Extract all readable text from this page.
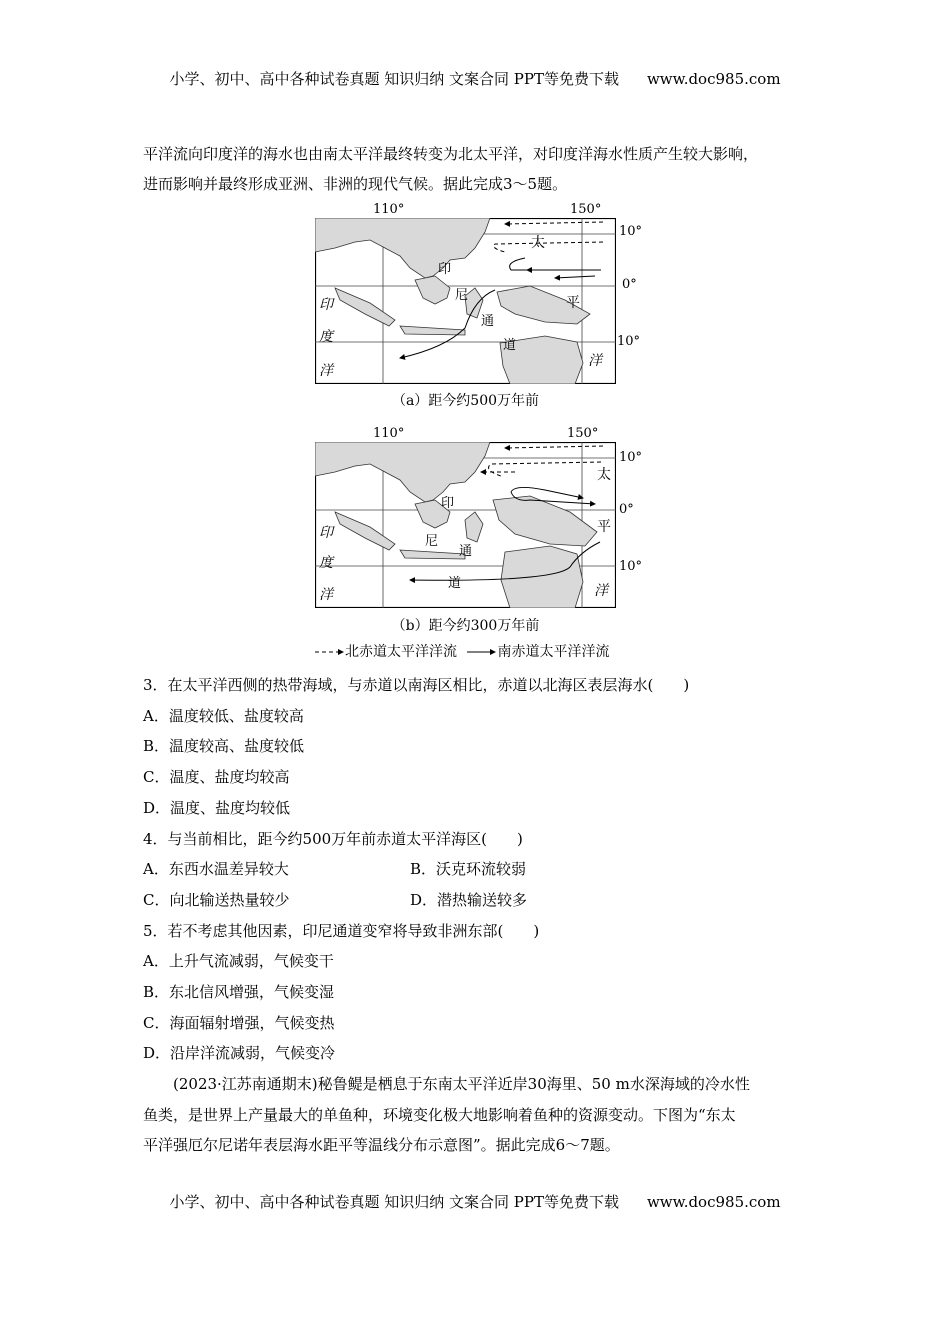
小学、初中、高中各种试卷真题 知识归纳 文案合同 PPT等免费下载 www.doc985.com
平洋流向印度洋的海水也由南太平洋最终转变为北太平洋，对印度洋海水性质产生较大影响，
进而影响并最终形成亚洲、非洲的现代气候。据此完成3～5题。
110°	150°
太
平
洋
印
尼
通
道
印
度
洋
10°
0°
10°
（a）距今约500万年前
110°	150°
太
平
洋
印
尼
通
道
印
度
洋
10°
0°
10°
（b）距今约300万年前
北赤道太平洋洋流	南赤道太平洋洋流
3．在太平洋西侧的热带海域，与赤道以南海区相比，赤道以北海区表层海水(　　)
A．温度较低、盐度较高
B．温度较高、盐度较低
C．温度、盐度均较高
D．温度、盐度均较低
4．与当前相比，距今约500万年前赤道太平洋海区(　　)
A．东西水温差异较大	B．沃克环流较弱
C．向北输送热量较少	D．潜热输送较多
5．若不考虑其他因素，印尼通道变窄将导致非洲东部(　　)
A．上升气流减弱，气候变干
B．东北信风增强，气候变湿
C．海面辐射增强，气候变热
D．沿岸洋流减弱，气候变冷
(2023·江苏南通期末)秘鲁鳀是栖息于东南太平洋近岸30海里、50 m水深海域的冷水性
鱼类，是世界上产量最大的单鱼种，环境变化极大地影响着鱼种的资源变动。下图为“东太
平洋强厄尔尼诺年表层海水距平等温线分布示意图”。据此完成6～7题。
小学、初中、高中各种试卷真题 知识归纳 文案合同 PPT等免费下载 www.doc985.com
